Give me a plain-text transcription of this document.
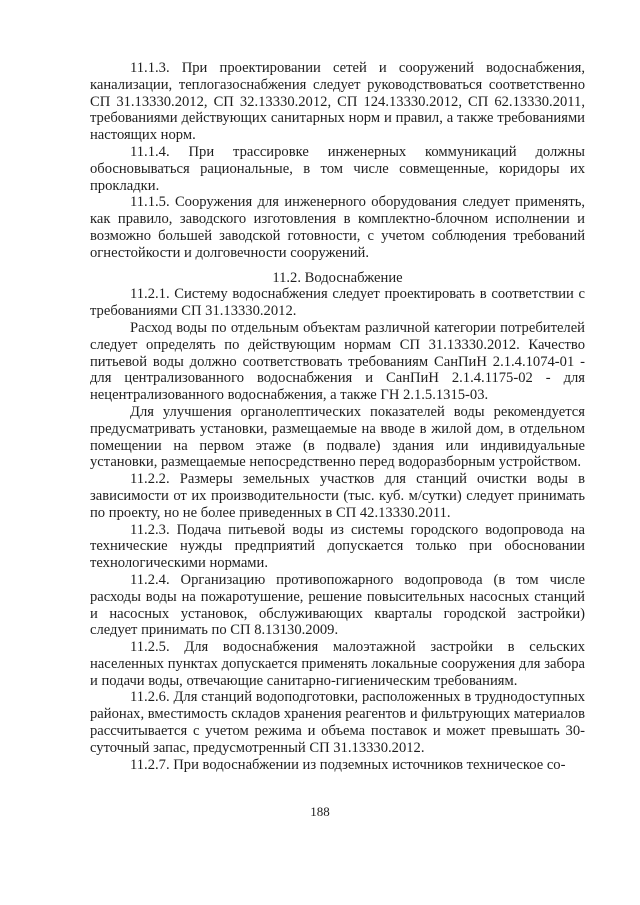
11.1.3. При проектировании сетей и сооружений водоснабжения, канализации, теплогазоснабжения следует руководствоваться соответственно СП 31.13330.2012, СП 32.13330.2012, СП 124.13330.2012, СП 62.13330.2011, требованиями действующих санитарных норм и правил, а также требованиями настоящих норм.

11.1.4. При трассировке инженерных коммуникаций должны обосновываться рациональные, в том числе совмещенные, коридоры их прокладки.

11.1.5. Сооружения для инженерного оборудования следует применять, как правило, заводского изготовления в комплектно-блочном исполнении и возможно большей заводской готовности, с учетом соблюдения требований огнестойкости и долговечности сооружений.

11.2. Водоснабжение

11.2.1. Систему водоснабжения следует проектировать в соответствии с требованиями СП 31.13330.2012.

Расход воды по отдельным объектам различной категории потребителей следует определять по действующим нормам СП 31.13330.2012. Качество питьевой воды должно соответствовать требованиям СанПиН 2.1.4.1074-01 - для централизованного водоснабжения и СанПиН 2.1.4.1175-02 - для нецентрализованного водоснабжения, а также ГН 2.1.5.1315-03.

Для улучшения органолептических показателей воды рекомендуется предусматривать установки, размещаемые на вводе в жилой дом, в отдельном помещении на первом этаже (в подвале) здания или индивидуальные установки, размещаемые непосредственно перед водоразборным устройством.

11.2.2. Размеры земельных участков для станций очистки воды в зависимости от их производительности (тыс. куб. м/сутки) следует принимать по проекту, но не более приведенных в СП 42.13330.2011.

11.2.3. Подача питьевой воды из системы городского водопровода на технические нужды предприятий допускается только при обосновании технологическими нормами.

11.2.4. Организацию противопожарного водопровода (в том числе расходы воды на пожаротушение, решение повысительных насосных станций и насосных установок, обслуживающих кварталы городской застройки) следует принимать по СП 8.13130.2009.

11.2.5. Для водоснабжения малоэтажной застройки в сельских населенных пунктах допускается применять локальные сооружения для забора и подачи воды, отвечающие санитарно-гигиеническим требованиям.

11.2.6. Для станций водоподготовки, расположенных в труднодоступных районах, вместимость складов хранения реагентов и фильтрующих материалов рассчитывается с учетом режима и объема поставок и может превышать 30-суточный запас, предусмотренный СП 31.13330.2012.

11.2.7. При водоснабжении из подземных источников техническое со-

188
